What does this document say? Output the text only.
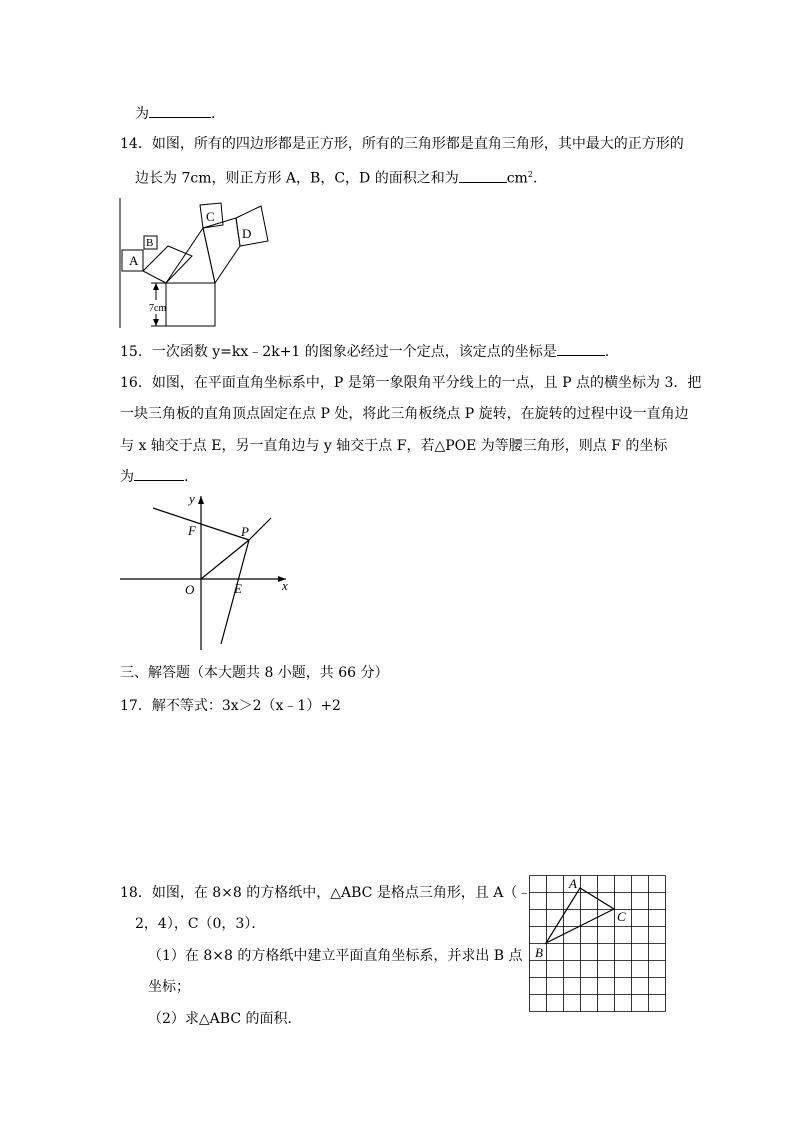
为	.
14．如图，所有的四边形都是正方形，所有的三角形都是直角三角形，其中最大的正方形的
边长为 7cm，则正方形 A，B，C，D 的面积之和为	$cm^2$.
A
B
C
D
7cm
15．一次函数 y=kx﹣2k+1 的图象必经过一个定点，该定点的坐标是	.
16．如图，在平面直角坐标系中，P 是第一象限角平分线上的一点，且 P 点的横坐标为 3．把
一块三角板的直角顶点固定在点 P 处，将此三角板绕点 P 旋转，在旋转的过程中设一直角边
与 x 轴交于点 E，另一直角边与 y 轴交于点 F，若△POE 为等腰三角形，则点 F 的坐标
为	.
y
x
O
F	P
E
三、解答题（本大题共 8 小题，共 66 分）
17．解不等式：3x＞2（x﹣1）+2
18．如图，在 8×8 的方格纸中，△ABC 是格点三角形，且 A（﹣
2，4），C（0，3）．
（1）在 8×8 的方格纸中建立平面直角坐标系，并求出 B 点
坐标；
（2）求△ABC 的面积．
A
C
B
